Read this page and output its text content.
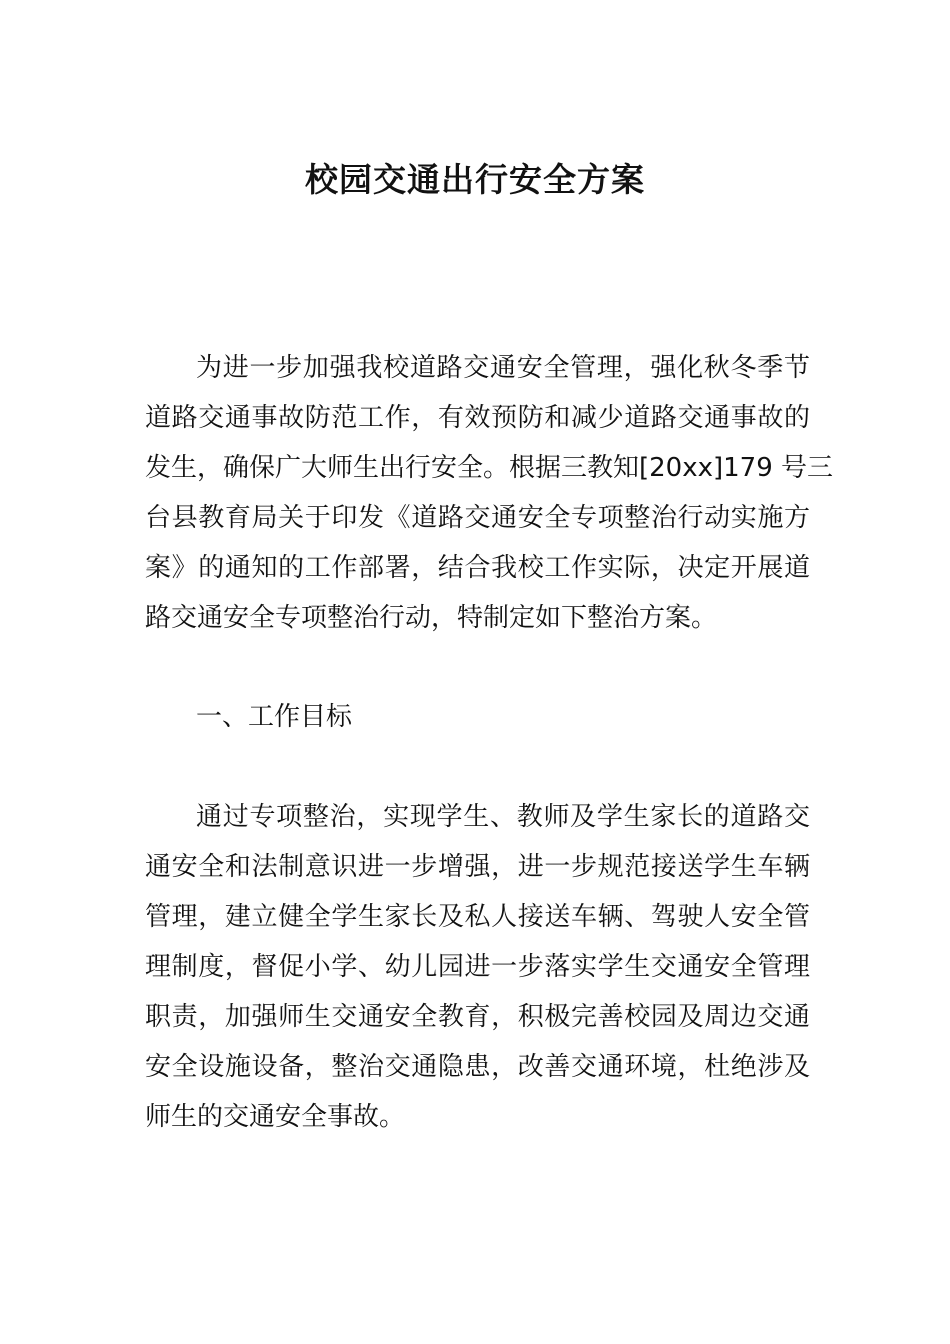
校园交通出行安全方案
为进一步加强我校道路交通安全管理，强化秋冬季节
道路交通事故防范工作，有效预防和减少道路交通事故的
发生，确保广大师生出行安全。根据三教知[20xx]179 号三
台县教育局关于印发《道路交通安全专项整治行动实施方
案》的通知的工作部署，结合我校工作实际，决定开展道
路交通安全专项整治行动，特制定如下整治方案。
一、工作目标
通过专项整治，实现学生、教师及学生家长的道路交
通安全和法制意识进一步增强，进一步规范接送学生车辆
管理，建立健全学生家长及私人接送车辆、驾驶人安全管
理制度，督促小学、幼儿园进一步落实学生交通安全管理
职责，加强师生交通安全教育，积极完善校园及周边交通
安全设施设备，整治交通隐患，改善交通环境，杜绝涉及
师生的交通安全事故。
